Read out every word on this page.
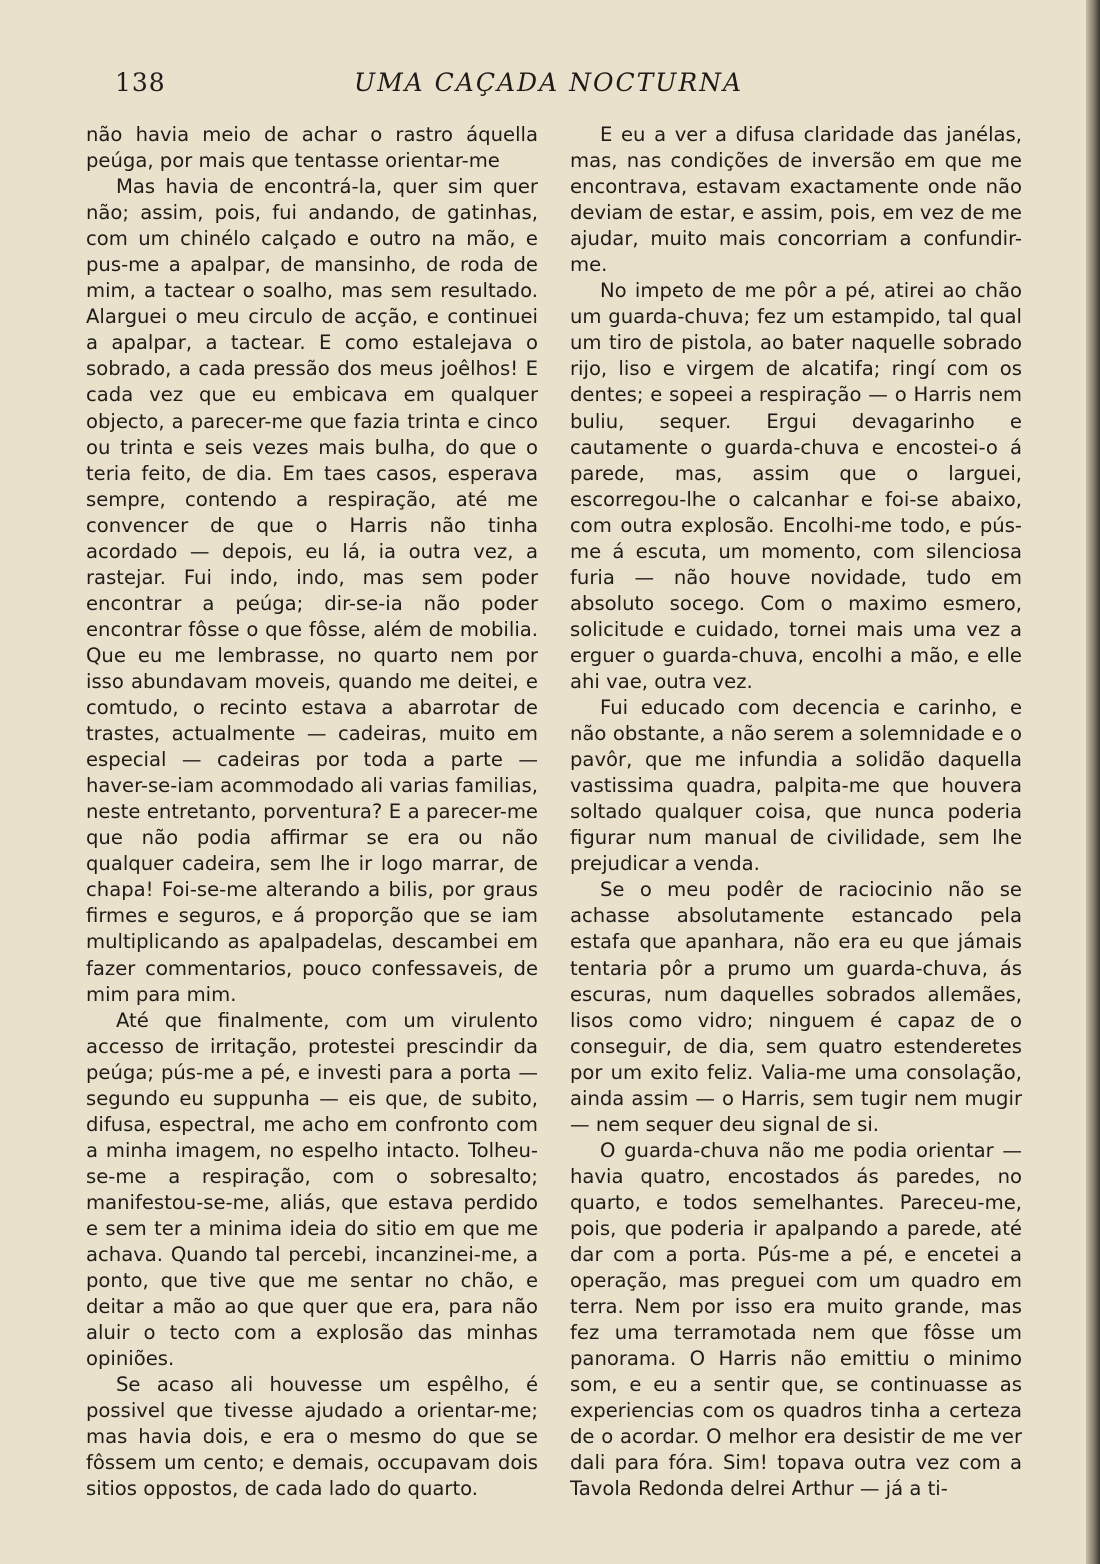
138	UMA CAÇADA NOCTURNA

não havia meio de achar o rastro áquella peúga, por mais que tentasse orientar-me

Mas havia de encontrá-la, quer sim quer não; assim, pois, fui andando, de gatinhas, com um chinélo calçado e outro na mão, e pus-me a apalpar, de mansinho, de roda de mim, a tactear o soalho, mas sem resultado. Alarguei o meu circulo de acção, e continuei a apalpar, a tactear. E como estalejava o sobrado, a cada pressão dos meus joêlhos! E cada vez que eu embicava em qualquer objecto, a parecer-me que fazia trinta e cinco ou trinta e seis vezes mais bulha, do que o teria feito, de dia. Em taes casos, esperava sempre, contendo a respiração, até me convencer de que o Harris não tinha acordado — depois, eu lá, ia outra vez, a rastejar. Fui indo, indo, mas sem poder encontrar a peúga; dir-se-ia não poder encontrar fôsse o que fôsse, além de mobilia. Que eu me lembrasse, no quarto nem por isso abundavam moveis, quando me deitei, e comtudo, o recinto estava a abarrotar de trastes, actualmente — cadeiras, muito em especial — cadeiras por toda a parte — haver-se-iam acommodado ali varias familias, neste entretanto, porventura? E a parecer-me que não podia affirmar se era ou não qualquer cadeira, sem lhe ir logo marrar, de chapa! Foi-se-me alterando a bilis, por graus firmes e seguros, e á proporção que se iam multiplicando as apalpadelas, descambei em fazer commentarios, pouco confessaveis, de mim para mim.

Até que finalmente, com um virulento accesso de irritação, protestei prescindir da peúga; pús-me a pé, e investi para a porta — segundo eu suppunha — eis que, de subito, difusa, espectral, me acho em confronto com a minha imagem, no espelho intacto. Tolheu-se-me a respiração, com o sobresalto; manifestou-se-me, aliás, que estava perdido e sem ter a minima ideia do sitio em que me achava. Quando tal percebi, incanzinei-me, a ponto, que tive que me sentar no chão, e deitar a mão ao que quer que era, para não aluir o tecto com a explosão das minhas opiniões.

Se acaso ali houvesse um espêlho, é possivel que tivesse ajudado a orientar-me; mas havia dois, e era o mesmo do que se fôssem um cento; e demais, occupavam dois sitios oppostos, de cada lado do quarto.

E eu a ver a difusa claridade das janélas, mas, nas condições de inversão em que me encontrava, estavam exactamente onde não deviam de estar, e assim, pois, em vez de me ajudar, muito mais concorriam a confundir-me.

No impeto de me pôr a pé, atirei ao chão um guarda-chuva; fez um estampido, tal qual um tiro de pistola, ao bater naquelle sobrado rijo, liso e virgem de alcatifa; ringí com os dentes; e sopeei a respiração — o Harris nem buliu, sequer. Ergui devagarinho e cautamente o guarda-chuva e encostei-o á parede, mas, assim que o larguei, escorregou-lhe o calcanhar e foi-se abaixo, com outra explosão. Encolhi-me todo, e pús-me á escuta, um momento, com silenciosa furia — não houve novidade, tudo em absoluto socego. Com o maximo esmero, solicitude e cuidado, tornei mais uma vez a erguer o guarda-chuva, encolhi a mão, e elle ahi vae, outra vez.

Fui educado com decencia e carinho, e não obstante, a não serem a solemnidade e o pavôr, que me infundia a solidão daquella vastissima quadra, palpita-me que houvera soltado qualquer coisa, que nunca poderia figurar num manual de civilidade, sem lhe prejudicar a venda.

Se o meu podêr de raciocinio não se achasse absolutamente estancado pela estafa que apanhara, não era eu que jámais tentaria pôr a prumo um guarda-chuva, ás escuras, num daquelles sobrados allemães, lisos como vidro; ninguem é capaz de o conseguir, de dia, sem quatro estenderetes por um exito feliz. Valia-me uma consolação, ainda assim — o Harris, sem tugir nem mugir — nem sequer deu signal de si.

O guarda-chuva não me podia orientar — havia quatro, encostados ás paredes, no quarto, e todos semelhantes. Pareceu-me, pois, que poderia ir apalpando a parede, até dar com a porta. Pús-me a pé, e encetei a operação, mas preguei com um quadro em terra. Nem por isso era muito grande, mas fez uma terramotada nem que fôsse um panorama. O Harris não emittiu o minimo som, e eu a sentir que, se continuasse as experiencias com os quadros tinha a certeza de o acordar. O melhor era desistir de me ver dali para fóra. Sim! topava outra vez com a Tavola Redonda delrei Arthur — já a ti-
